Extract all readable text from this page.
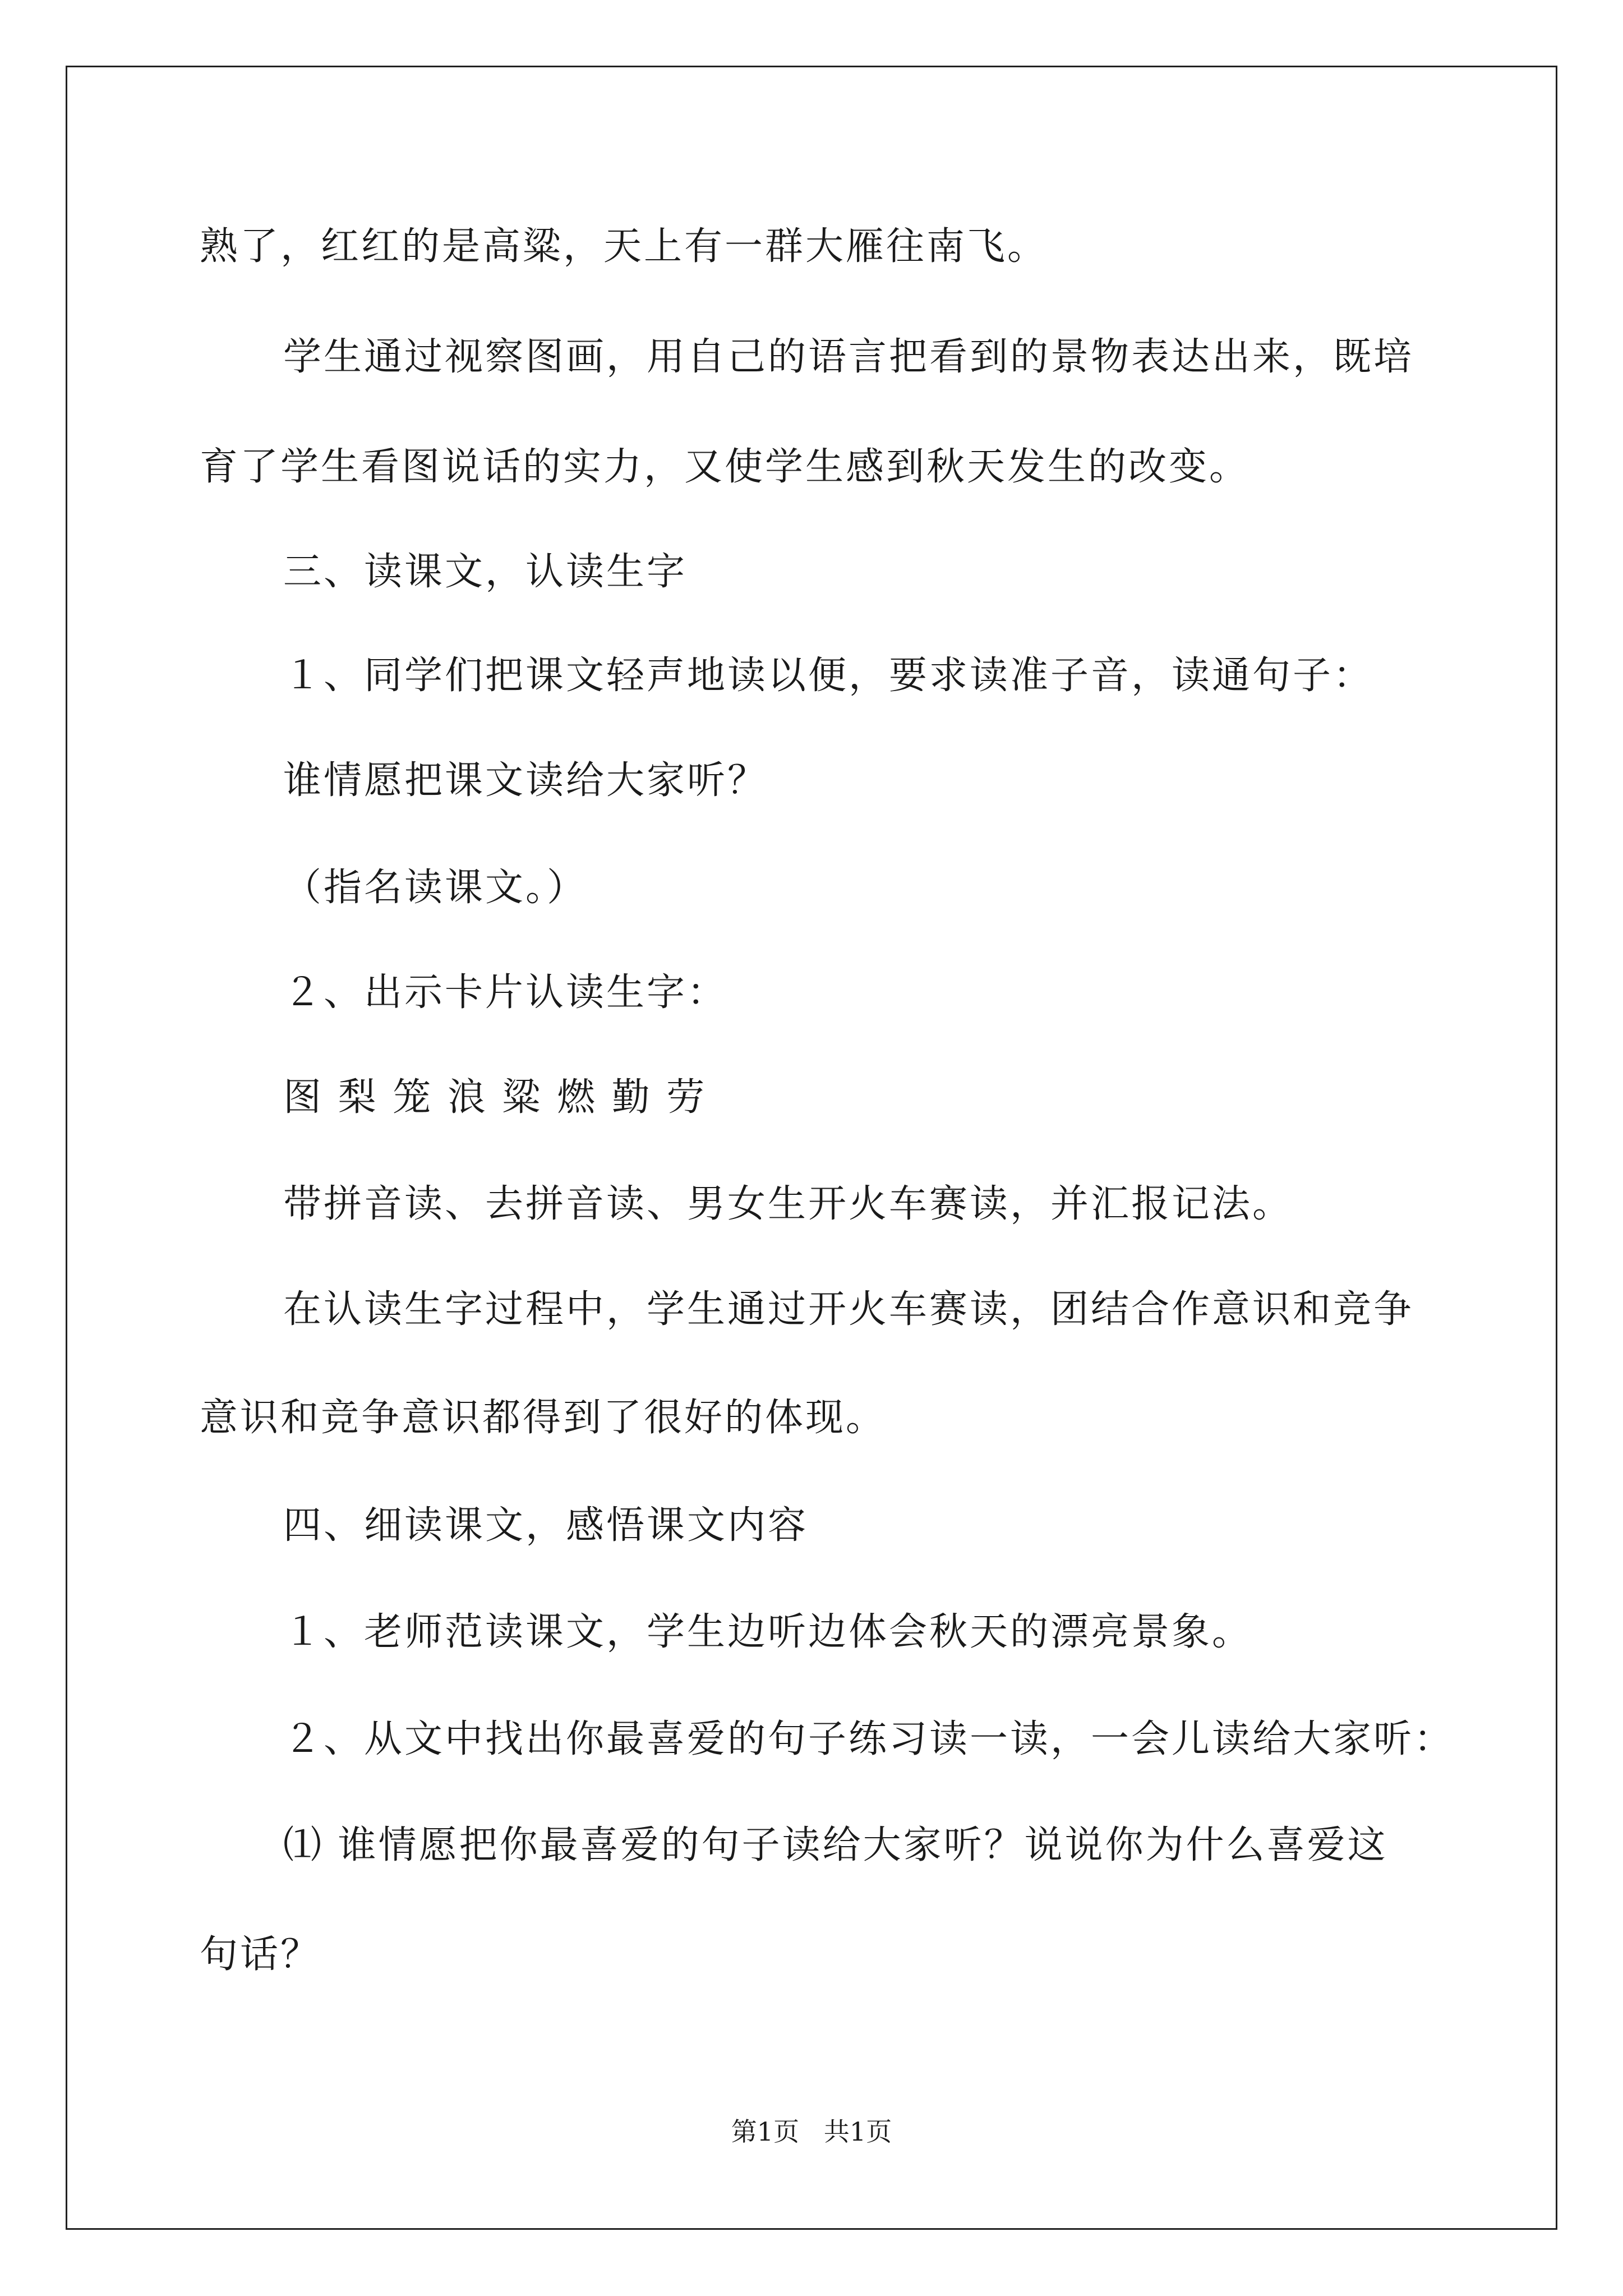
熟了，红红的是高粱，天上有一群大雁往南飞。
学生通过视察图画，用自己的语言把看到的景物表达出来，既培
育了学生看图说话的实力，又使学生感到秋天发生的改变。
三、读课文，认读生字
１、同学们把课文轻声地读以便，要求读准子音，读通句子：
谁情愿把课文读给大家听？
（指名读课文。）
２、出示卡片认读生字：
图 梨 笼 浪 粱 燃 勤 劳
带拼音读、去拼音读、男女生开火车赛读，并汇报记法。
在认读生字过程中，学生通过开火车赛读，团结合作意识和竞争
意识和竞争意识都得到了很好的体现。
四、细读课文，感悟课文内容
１、老师范读课文，学生边听边体会秋天的漂亮景象。
２、从文中找出你最喜爱的句子练习读一读，一会儿读给大家听：
⑴ 谁情愿把你最喜爱的句子读给大家听？说说你为什么喜爱这
句话？
第1页   共1页
